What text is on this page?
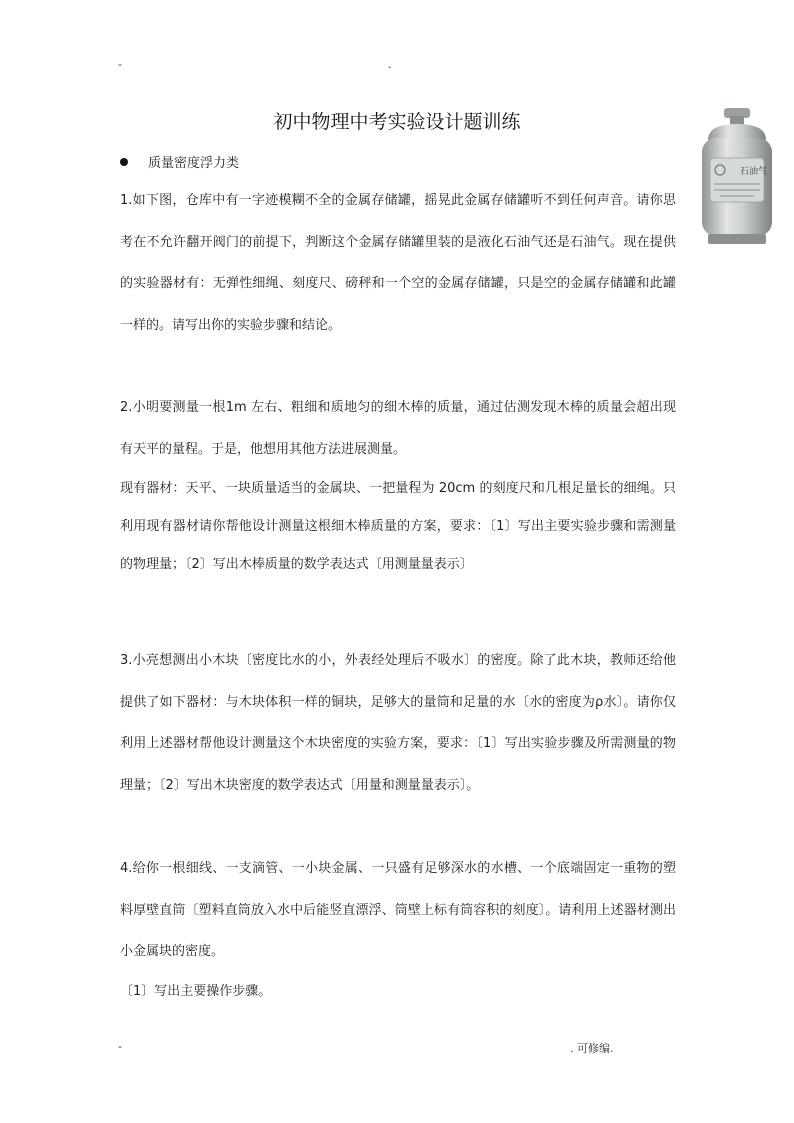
-	.
初中物理中考实验设计题训练
石油气
质量密度浮力类

1.如下图，仓库中有一字迹模糊不全的金属存储罐，摇晃此金属存储罐听不到任何声音。请你思考在不允许翻开阀门的前提下，判断这个金属存储罐里装的是液化石油气还是石油气。现在提供的实验器材有：无弹性细绳、刻度尺、磅秤和一个空的金属存储罐，只是空的金属存储罐和此罐一样的。请写出你的实验步骤和结论。

2.小明要测量一根1m 左右、粗细和质地匀的细木棒的质量，通过估测发现木棒的质量会超出现有天平的量程。于是，他想用其他方法进展测量。

现有器材：天平、一块质量适当的金属块、一把量程为 20cm 的刻度尺和几根足量长的细绳。只利用现有器材请你帮他设计测量这根细木棒质量的方案，要求：〔1〕写出主要实验步骤和需测量的物理量；〔2〕写出木棒质量的数学表达式〔用测量量表示〕

3.小亮想测出小木块〔密度比水的小，外表经处理后不吸水〕的密度。除了此木块，教师还给他提供了如下器材：与木块体积一样的铜块，足够大的量筒和足量的水〔水的密度为ρ水〕。请你仅利用上述器材帮他设计测量这个木块密度的实验方案，要求：〔1〕写出实验步骤及所需测量的物理量；〔2〕写出木块密度的数学表达式〔用量和测量量表示〕。

4.给你一根细线、一支滴管、一小块金属、一只盛有足够深水的水槽、一个底端固定一重物的塑料厚壁直筒〔塑料直筒放入水中后能竖直漂浮、筒壁上标有筒容积的刻度〕。请利用上述器材测出小金属块的密度。

〔1〕写出主要操作步骤。

-	. 可修编.
